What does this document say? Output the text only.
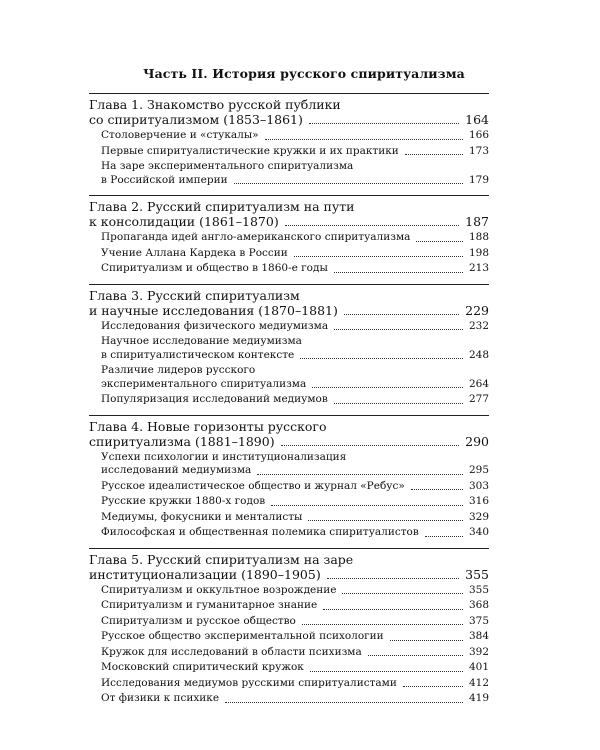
Часть II. История русского спиритуализма
Глава 1. Знакомство русской публики
со спиритуализмом (1853–1861)	164
Столоверчение и «стукалы»	166
Первые спиритуалистические кружки и их практики	173
На заре экспериментального спиритуализма
в Российской империи	179
Глава 2. Русский спиритуализм на пути
к консолидации (1861–1870)	187
Пропаганда идей англо-американского спиритуализма	188
Учение Аллана Кардека в России	198
Спиритуализм и общество в 1860-е годы	213
Глава 3. Русский спиритуализм
и научные исследования (1870–1881)	229
Исследования физического медиумизма	232
Научное исследование медиумизма
в спиритуалистическом контексте	248
Различие лидеров русского
экспериментального спиритуализма	264
Популяризация исследований медиумов	277
Глава 4. Новые горизонты русского
спиритуализма (1881–1890)	290
Успехи психологии и институционализация
исследований медиумизма	295
Русское идеалистическое общество и журнал «Ребус»	303
Русские кружки 1880-х годов	316
Медиумы, фокусники и менталисты	329
Философская и общественная полемика спиритуалистов	340
Глава 5. Русский спиритуализм на заре
институционализации (1890–1905)	355
Спиритуализм и оккультное возрождение	355
Спиритуализм и гуманитарное знание	368
Спиритуализм и русское общество	375
Русское общество экспериментальной психологии	384
Кружок для исследований в области психизма	392
Московский спиритический кружок	401
Исследования медиумов русскими спиритуалистами	412
От физики к психике	419
